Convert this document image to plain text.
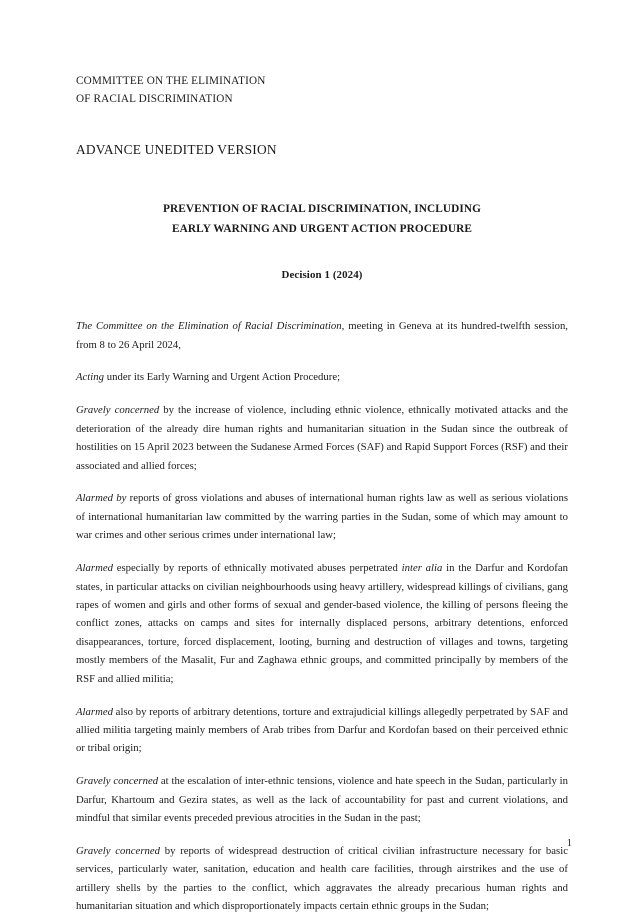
COMMITTEE ON THE ELIMINATION
OF RACIAL DISCRIMINATION
ADVANCE UNEDITED VERSION
PREVENTION OF RACIAL DISCRIMINATION, INCLUDING
EARLY WARNING AND URGENT ACTION PROCEDURE
Decision 1 (2024)

The Committee on the Elimination of Racial Discrimination, meeting in Geneva at its hundred-twelfth session, from 8 to 26 April 2024,

Acting under its Early Warning and Urgent Action Procedure;

Gravely concerned by the increase of violence, including ethnic violence, ethnically motivated attacks and the deterioration of the already dire human rights and humanitarian situation in the Sudan since the outbreak of hostilities on 15 April 2023 between the Sudanese Armed Forces (SAF) and Rapid Support Forces (RSF) and their associated and allied forces;

Alarmed by reports of gross violations and abuses of international human rights law as well as serious violations of international humanitarian law committed by the warring parties in the Sudan, some of which may amount to war crimes and other serious crimes under international law;

Alarmed especially by reports of ethnically motivated abuses perpetrated inter alia in the Darfur and Kordofan states, in particular attacks on civilian neighbourhoods using heavy artillery, widespread killings of civilians, gang rapes of women and girls and other forms of sexual and gender-based violence, the killing of persons fleeing the conflict zones, attacks on camps and sites for internally displaced persons, arbitrary detentions, enforced disappearances, torture, forced displacement, looting, burning and destruction of villages and towns, targeting mostly members of the Masalit, Fur and Zaghawa ethnic groups, and committed principally by members of the RSF and allied militia;

Alarmed also by reports of arbitrary detentions, torture and extrajudicial killings allegedly perpetrated by SAF and allied militia targeting mainly members of Arab tribes from Darfur and Kordofan based on their perceived ethnic or tribal origin;

Gravely concerned at the escalation of inter-ethnic tensions, violence and hate speech in the Sudan, particularly in Darfur, Khartoum and Gezira states, as well as the lack of accountability for past and current violations, and mindful that similar events preceded previous atrocities in the Sudan in the past;

Gravely concerned by reports of widespread destruction of critical civilian infrastructure necessary for basic services, particularly water, sanitation, education and health care facilities, through airstrikes and the use of artillery shells by the parties to the conflict, which aggravates the already precarious human rights and humanitarian situation and which disproportionately impacts certain ethnic groups in the Sudan;

1
